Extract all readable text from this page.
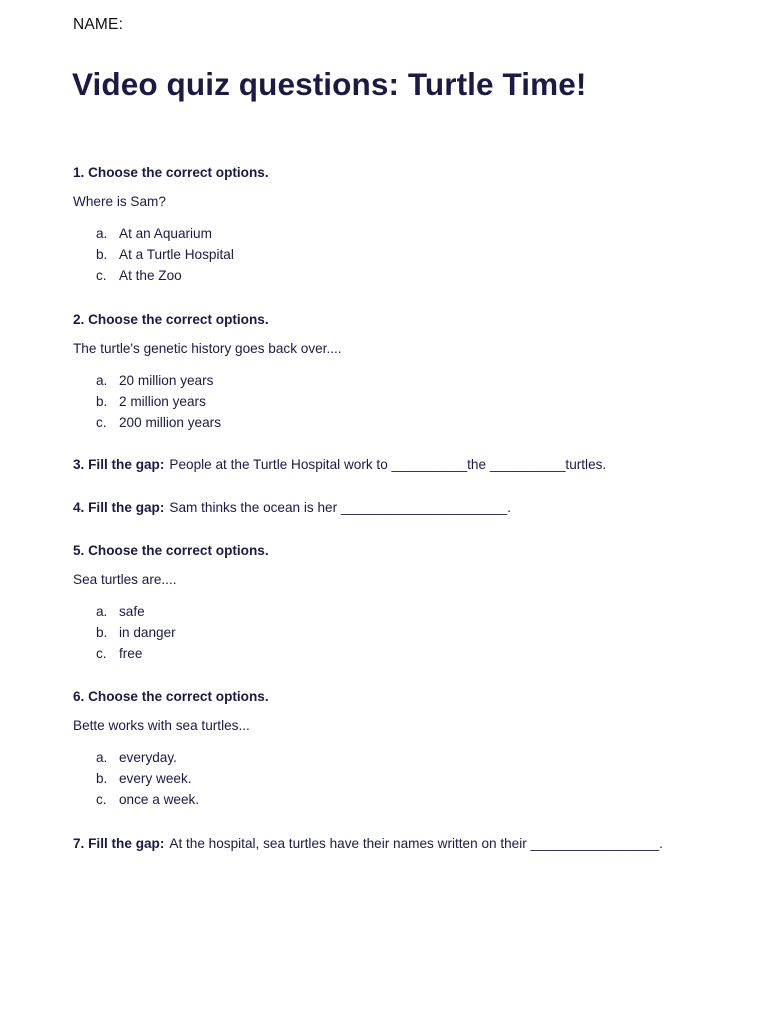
NAME:
Video quiz questions: Turtle Time!
1. Choose the correct options.
Where is Sam?
a. At an Aquarium
b. At a Turtle Hospital
c. At the Zoo
2. Choose the correct options.
The turtle's genetic history goes back over....
a. 20 million years
b. 2 million years
c. 200 million years
3. Fill the gap: People at the Turtle Hospital work to __________the __________turtles.
4. Fill the gap: Sam thinks the ocean is her ______________________.
5. Choose the correct options.
Sea turtles are....
a. safe
b. in danger
c. free
6. Choose the correct options.
Bette works with sea turtles...
a. everyday.
b. every week.
c. once a week.
7. Fill the gap: At the hospital, sea turtles have their names written on their _________________.
